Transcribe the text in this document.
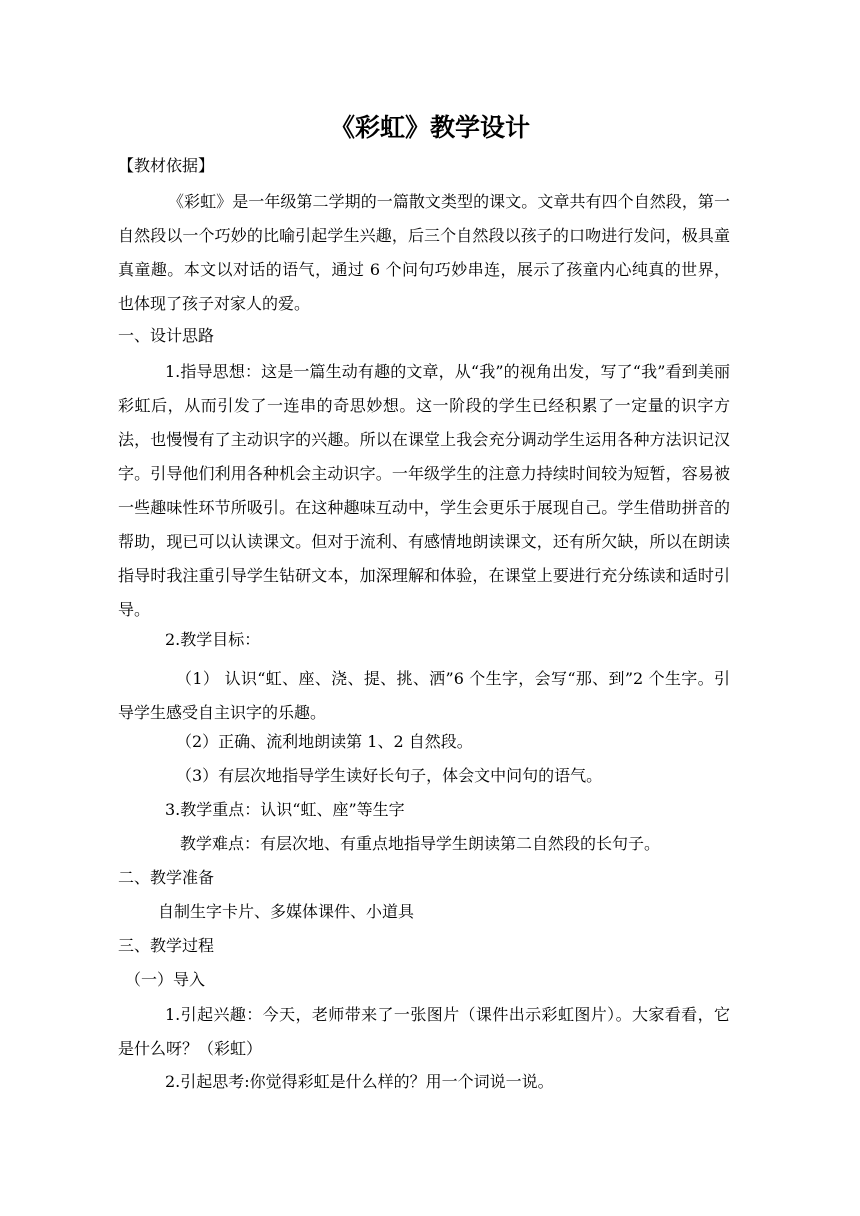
《彩虹》教学设计
【教材依据】
《彩虹》是一年级第二学期的一篇散文类型的课文。文章共有四个自然段，第一自然段以一个巧妙的比喻引起学生兴趣，后三个自然段以孩子的口吻进行发问，极具童真童趣。本文以对话的语气，通过 6 个问句巧妙串连，展示了孩童内心纯真的世界，也体现了孩子对家人的爱。
一、设计思路
1.指导思想：这是一篇生动有趣的文章，从“我”的视角出发，写了“我”看到美丽彩虹后，从而引发了一连串的奇思妙想。这一阶段的学生已经积累了一定量的识字方法，也慢慢有了主动识字的兴趣。所以在课堂上我会充分调动学生运用各种方法识记汉字。引导他们利用各种机会主动识字。一年级学生的注意力持续时间较为短暂，容易被一些趣味性环节所吸引。在这种趣味互动中，学生会更乐于展现自己。学生借助拼音的帮助，现已可以认读课文。但对于流利、有感情地朗读课文，还有所欠缺，所以在朗读指导时我注重引导学生钻研文本，加深理解和体验，在课堂上要进行充分练读和适时引导。
2.教学目标：
（1） 认识“虹、座、浇、提、挑、洒”6 个生字，会写“那、到”2 个生字。引导学生感受自主识字的乐趣。
（2）正确、流利地朗读第 1、2 自然段。
（3）有层次地指导学生读好长句子，体会文中问句的语气。
3.教学重点：认识“虹、座”等生字
教学难点：有层次地、有重点地指导学生朗读第二自然段的长句子。
二、教学准备
自制生字卡片、多媒体课件、小道具
三、教学过程
（一）导入
1.引起兴趣：今天，老师带来了一张图片（课件出示彩虹图片）。大家看看，它是什么呀？（彩虹）
2.引起思考:你觉得彩虹是什么样的？用一个词说一说。
